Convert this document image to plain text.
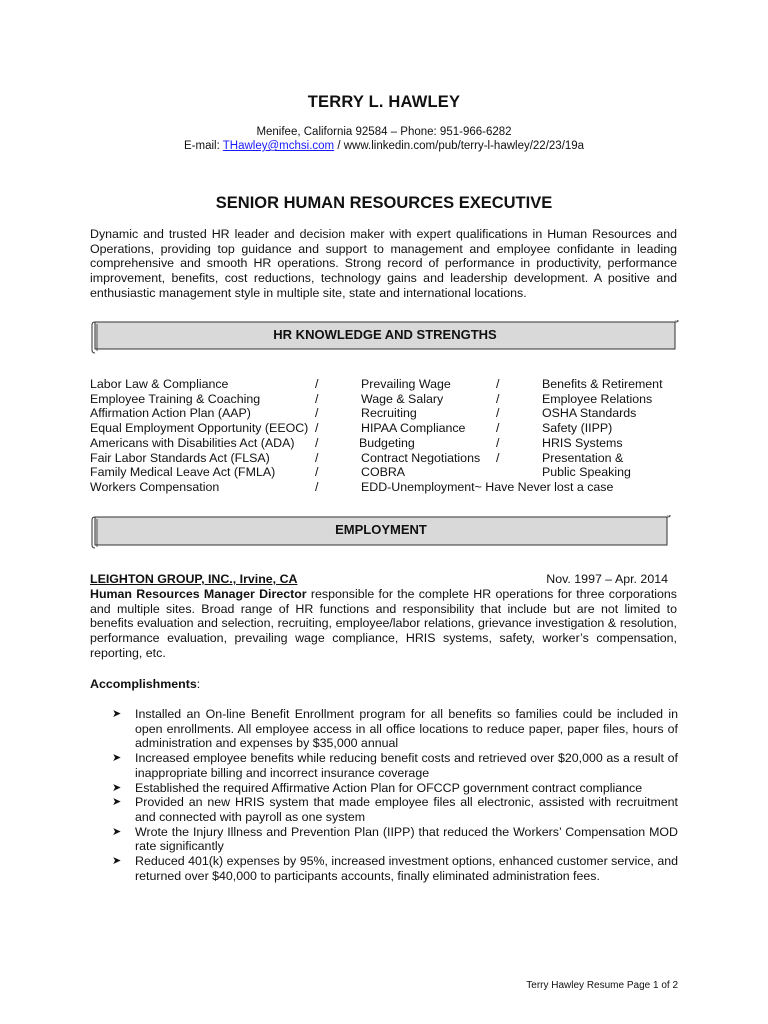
TERRY L. HAWLEY
Menifee, California 92584 – Phone: 951-966-6282
E-mail: THawley@mchsi.com / www.linkedin.com/pub/terry-l-hawley/22/23/19a
SENIOR HUMAN RESOURCES EXECUTIVE
Dynamic and trusted HR leader and decision maker with expert qualifications in Human Resources and Operations, providing top guidance and support to management and employee confidante in leading comprehensive and smooth HR operations. Strong record of performance in productivity, performance improvement, benefits, cost reductions, technology gains and leadership development. A positive and enthusiastic management style in multiple site, state and international locations.
HR KNOWLEDGE AND STRENGTHS
Labor Law & Compliance	/	Prevailing Wage	/	Benefits & Retirement
Employee Training & Coaching	/	Wage & Salary	/	Employee Relations
Affirmation Action Plan (AAP)	/	Recruiting	/	OSHA Standards
Equal Employment Opportunity (EEOC) /	HIPAA Compliance /	Safety (IIPP)
Americans with Disabilities Act (ADA) /	Budgeting	/	HRIS Systems
Fair Labor Standards Act (FLSA)	/	Contract Negotiations /	Presentation &
Family Medical Leave Act (FMLA)	/	COBRA	Public Speaking
Workers Compensation	/	EDD-Unemployment~ Have Never lost a case
EMPLOYMENT
LEIGHTON GROUP, INC., Irvine, CA	Nov. 1997 – Apr. 2014
Human Resources Manager Director responsible for the complete HR operations for three corporations and multiple sites. Broad range of HR functions and responsibility that include but are not limited to benefits evaluation and selection, recruiting, employee/labor relations, grievance investigation & resolution, performance evaluation, prevailing wage compliance, HRIS systems, safety, worker’s compensation, reporting, etc.
Accomplishments:
➤ Installed an On-line Benefit Enrollment program for all benefits so families could be included in open enrollments. All employee access in all office locations to reduce paper, paper files, hours of administration and expenses by $35,000 annual
➤ Increased employee benefits while reducing benefit costs and retrieved over $20,000 as a result of inappropriate billing and incorrect insurance coverage
➤ Established the required Affirmative Action Plan for OFCCP government contract compliance
➤ Provided an new HRIS system that made employee files all electronic, assisted with recruitment and connected with payroll as one system
➤ Wrote the Injury Illness and Prevention Plan (IIPP) that reduced the Workers’ Compensation MOD rate significantly
➤ Reduced 401(k) expenses by 95%, increased investment options, enhanced customer service, and returned over $40,000 to participants accounts, finally eliminated administration fees.
Terry Hawley Resume Page 1 of 2
